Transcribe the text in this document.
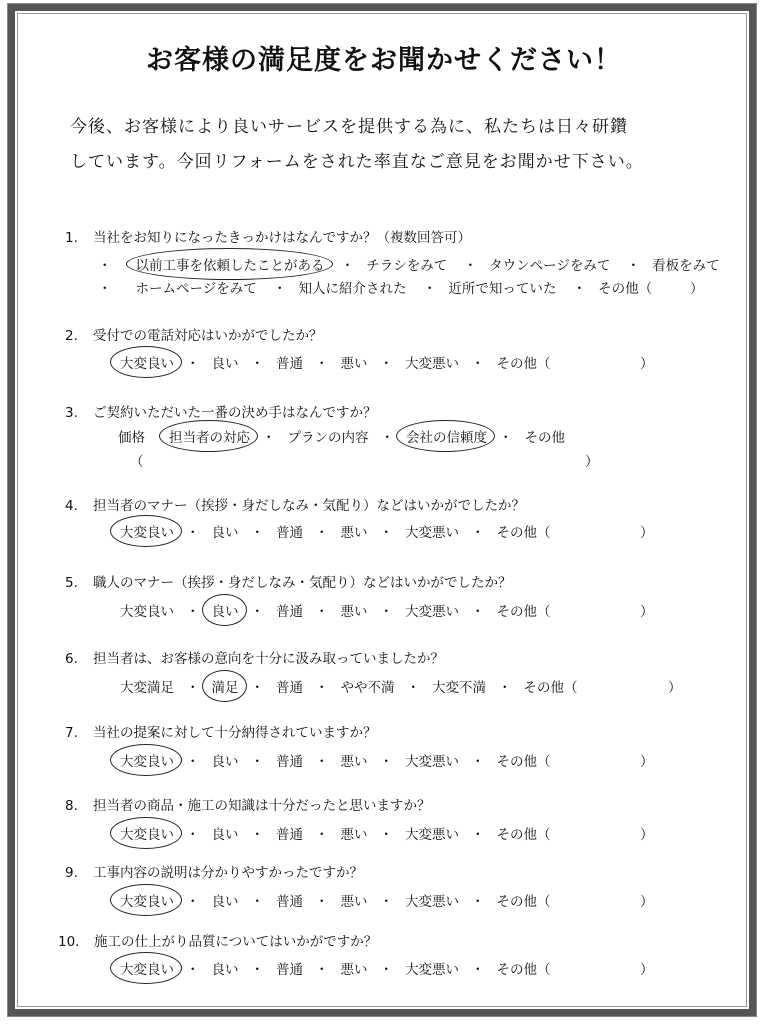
お客様の満足度をお聞かせください！
今後、お客様により良いサービスを提供する為に、私たちは日々研鑽
しています。今回リフォームをされた率直なご意見をお聞かせ下さい。
1. 当社をお知りになったきっかけはなんですか？（複数回答可）
・ 以前工事を依頼したことがある ・ チラシをみて ・ タウンページをみて ・ 看板をみて
・ ホームページをみて ・ 知人に紹介された ・ 近所で知っていた ・ その他（	）
2. 受付での電話対応はいかがでしたか？
大変良い ・ 良い ・ 普通 ・ 悪い ・ 大変悪い ・ その他（	）
3. ご契約いただいた一番の決め手はなんですか？
価格 担当者の対応 ・ プランの内容 ・ 会社の信頼度 ・ その他
（	）
4. 担当者のマナー（挨拶・身だしなみ・気配り）などはいかがでしたか？
大変良い ・ 良い ・ 普通 ・ 悪い ・ 大変悪い ・ その他（	）
5. 職人のマナー（挨拶・身だしなみ・気配り）などはいかがでしたか？
大変良い ・ 良い ・ 普通 ・ 悪い ・ 大変悪い ・ その他（	）
6. 担当者は、お客様の意向を十分に汲み取っていましたか？
大変満足 ・ 満足 ・ 普通 ・ やや不満 ・ 大変不満 ・ その他（	）
7. 当社の提案に対して十分納得されていますか？
大変良い ・ 良い ・ 普通 ・ 悪い ・ 大変悪い ・ その他（	）
8. 担当者の商品・施工の知識は十分だったと思いますか？
大変良い ・ 良い ・ 普通 ・ 悪い ・ 大変悪い ・ その他（	）
9. 工事内容の説明は分かりやすかったですか？
大変良い ・ 良い ・ 普通 ・ 悪い ・ 大変悪い ・ その他（	）
10. 施工の仕上がり品質についてはいかがですか？
大変良い ・ 良い ・ 普通 ・ 悪い ・ 大変悪い ・ その他（	）
